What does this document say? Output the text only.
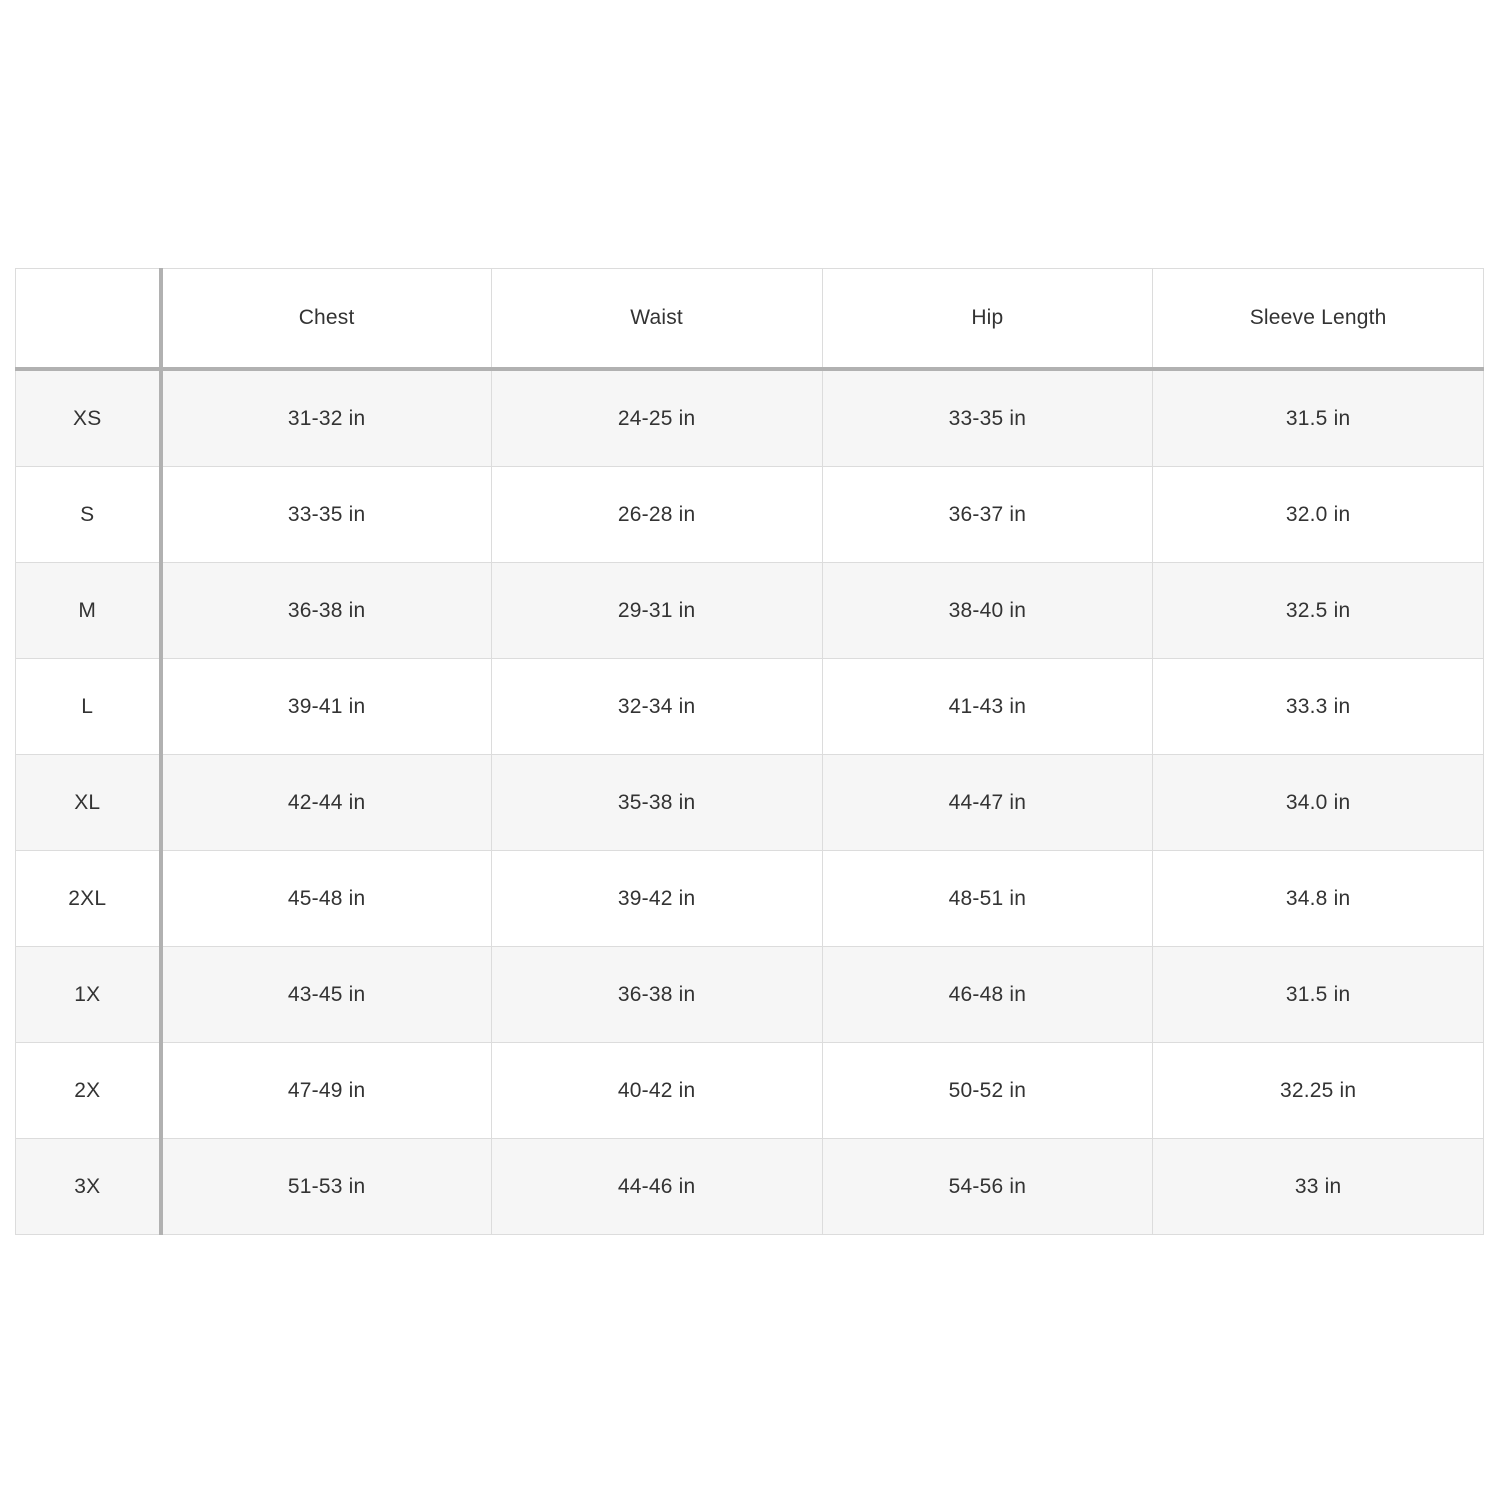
	Chest	Waist	Hip	Sleeve Length
XS	31-32 in	24-25 in	33-35 in	31.5 in
S	33-35 in	26-28 in	36-37 in	32.0 in
M	36-38 in	29-31 in	38-40 in	32.5 in
L	39-41 in	32-34 in	41-43 in	33.3 in
XL	42-44 in	35-38 in	44-47 in	34.0 in
2XL	45-48 in	39-42 in	48-51 in	34.8 in
1X	43-45 in	36-38 in	46-48 in	31.5 in
2X	47-49 in	40-42 in	50-52 in	32.25 in
3X	51-53 in	44-46 in	54-56 in	33 in
